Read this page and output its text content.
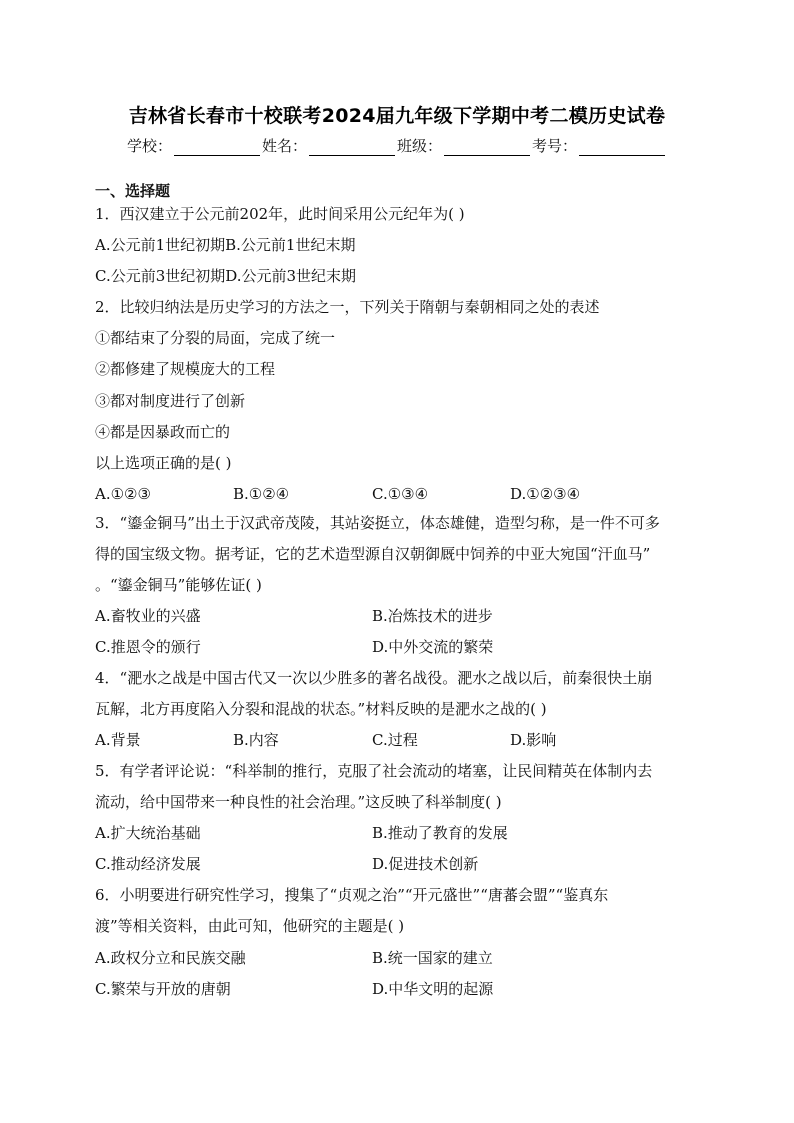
吉林省长春市十校联考2024届九年级下学期中考二模历史试卷
学校：	姓名：	班级：	考号：
一、选择题
1．西汉建立于公元前202年，此时间采用公元纪年为( )
A.公元前1世纪初期B.公元前1世纪末期
C.公元前3世纪初期D.公元前3世纪末期
2．比较归纳法是历史学习的方法之一，下列关于隋朝与秦朝相同之处的表述
①都结束了分裂的局面，完成了统一
②都修建了规模庞大的工程
③都对制度进行了创新
④都是因暴政而亡的
以上选项正确的是( )
A.①②③	B.①②④	C.①③④	D.①②③④
3．“鎏金铜马”出土于汉武帝茂陵，其站姿挺立，体态雄健，造型匀称，是一件不可多
得的国宝级文物。据考证，它的艺术造型源自汉朝御厩中饲养的中亚大宛国“汗血马”
。“鎏金铜马”能够佐证( )
A.畜牧业的兴盛	B.冶炼技术的进步
C.推恩令的颁行	D.中外交流的繁荣
4．“淝水之战是中国古代又一次以少胜多的著名战役。淝水之战以后，前秦很快土崩
瓦解，北方再度陷入分裂和混战的状态。”材料反映的是淝水之战的( )
A.背景	B.内容	C.过程	D.影响
5．有学者评论说：“科举制的推行，克服了社会流动的堵塞，让民间精英在体制内去
流动，给中国带来一种良性的社会治理。”这反映了科举制度( )
A.扩大统治基础	B.推动了教育的发展
C.推动经济发展	D.促进技术创新
6．小明要进行研究性学习，搜集了“贞观之治”“开元盛世”“唐蕃会盟”“鉴真东
渡”等相关资料，由此可知，他研究的主题是( )
A.政权分立和民族交融	B.统一国家的建立
C.繁荣与开放的唐朝	D.中华文明的起源
